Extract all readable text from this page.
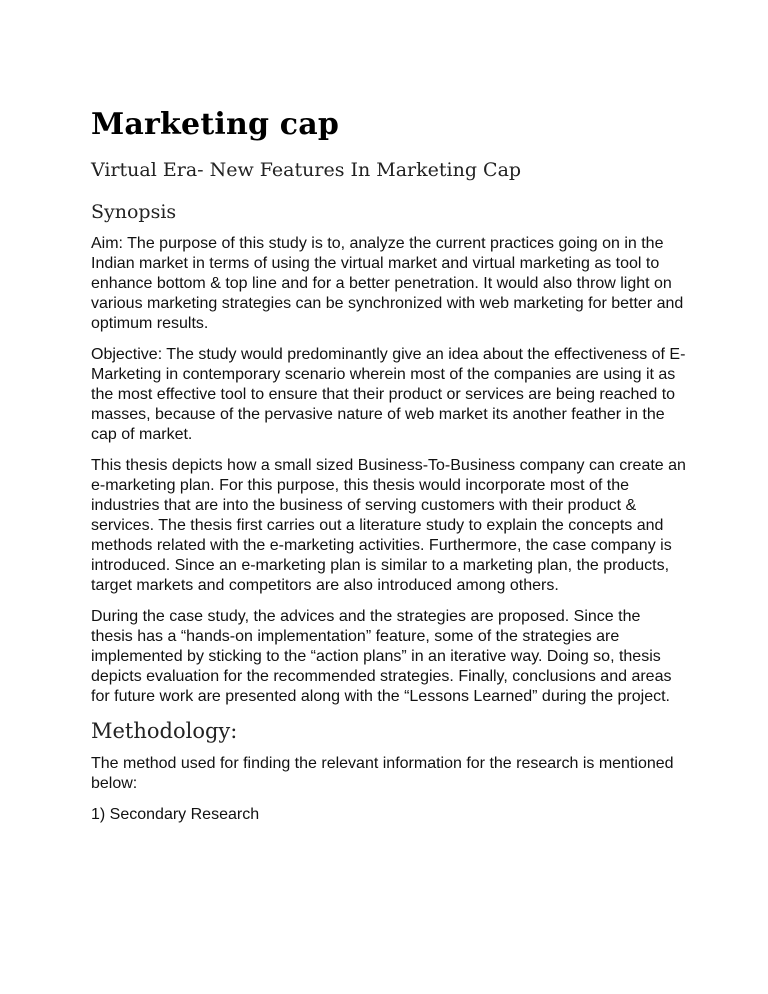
Marketing cap
Virtual Era- New Features In Marketing Cap
Synopsis

Aim: The purpose of this study is to, analyze the current practices going on in the Indian market in terms of using the virtual market and virtual marketing as tool to enhance bottom & top line and for a better penetration. It would also throw light on various marketing strategies can be synchronized with web marketing for better and optimum results.

Objective: The study would predominantly give an idea about the effectiveness of E-Marketing in contemporary scenario wherein most of the companies are using it as the most effective tool to ensure that their product or services are being reached to masses, because of the pervasive nature of web market its another feather in the cap of market.

This thesis depicts how a small sized Business-To-Business company can create an e-marketing plan. For this purpose, this thesis would incorporate most of the industries that are into the business of serving customers with their product & services. The thesis first carries out a literature study to explain the concepts and methods related with the e-marketing activities. Furthermore, the case company is introduced. Since an e-marketing plan is similar to a marketing plan, the products, target markets and competitors are also introduced among others.

During the case study, the advices and the strategies are proposed. Since the thesis has a “hands-on implementation” feature, some of the strategies are implemented by sticking to the “action plans” in an iterative way. Doing so, thesis depicts evaluation for the recommended strategies. Finally, conclusions and areas for future work are presented along with the “Lessons Learned” during the project.

Methodology:

The method used for finding the relevant information for the research is mentioned below:

1) Secondary Research
